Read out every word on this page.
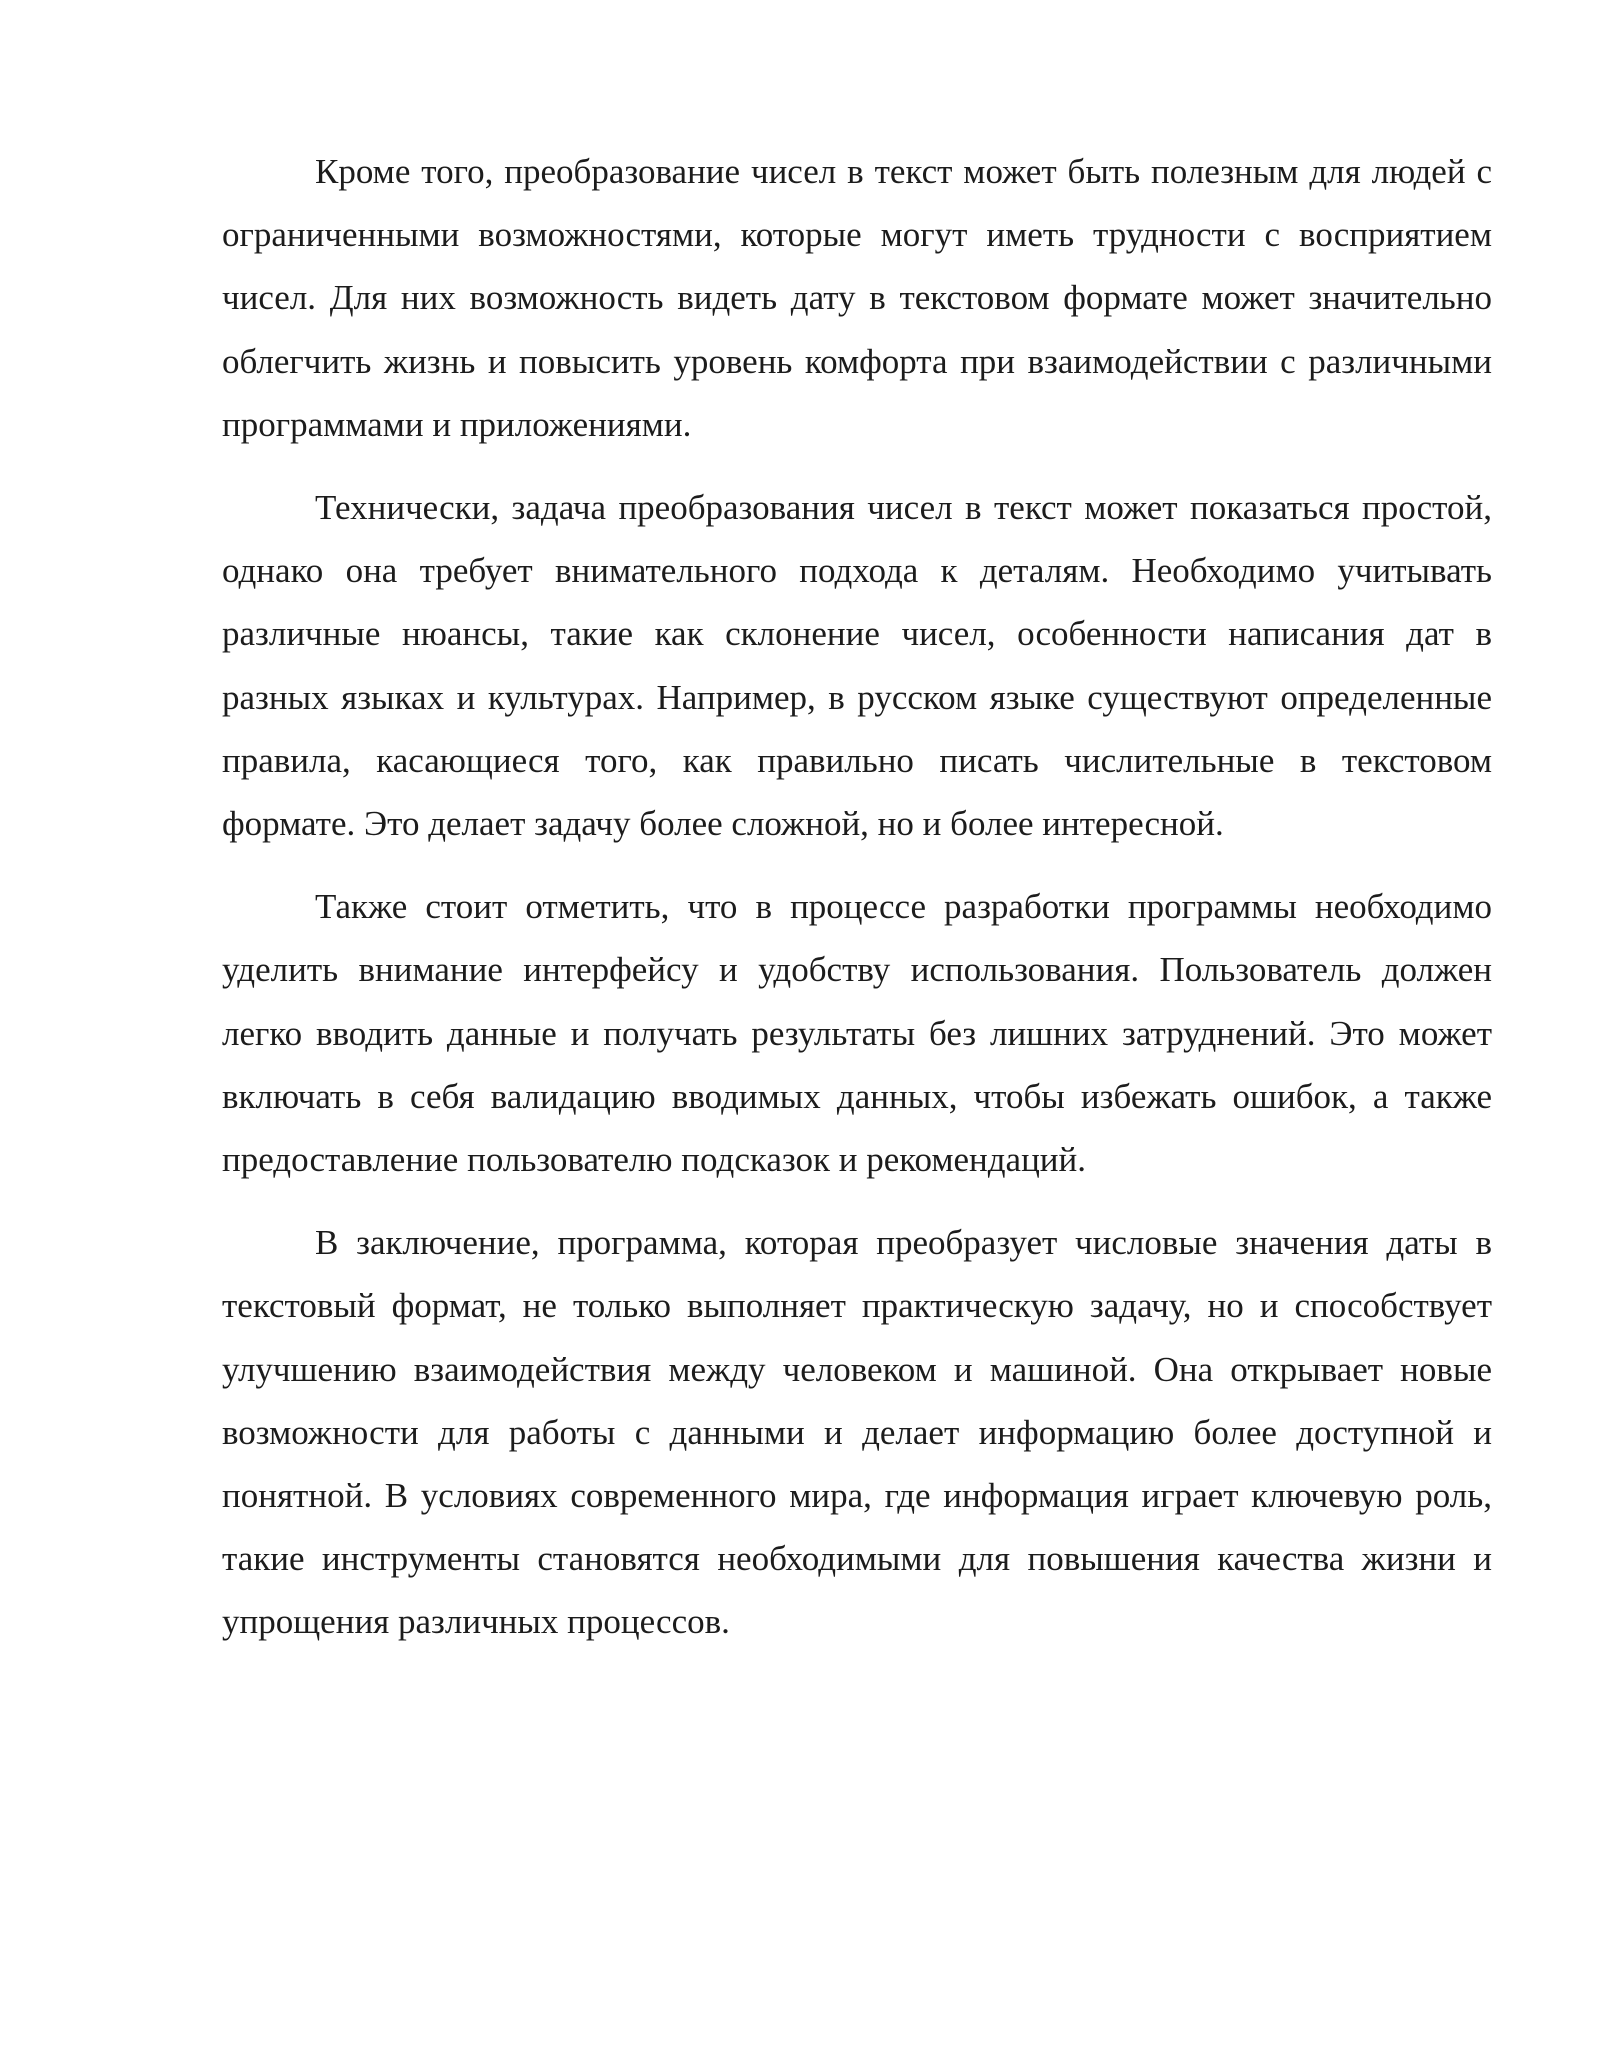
Кроме того, преобразование чисел в текст может быть полезным для людей с ограниченными возможностями, которые могут иметь трудности с восприятием чисел. Для них возможность видеть дату в текстовом формате может значительно облегчить жизнь и повысить уровень комфорта при взаимодействии с различными программами и приложениями.

Технически, задача преобразования чисел в текст может показаться простой, однако она требует внимательного подхода к деталям. Необходимо учитывать различные нюансы, такие как склонение чисел, особенности написания дат в разных языках и культурах. Например, в русском языке существуют определенные правила, касающиеся того, как правильно писать числительные в текстовом формате. Это делает задачу более сложной, но и более интересной.

Также стоит отметить, что в процессе разработки программы необходимо уделить внимание интерфейсу и удобству использования. Пользователь должен легко вводить данные и получать результаты без лишних затруднений. Это может включать в себя валидацию вводимых данных, чтобы избежать ошибок, а также предоставление пользователю подсказок и рекомендаций.

В заключение, программа, которая преобразует числовые значения даты в текстовый формат, не только выполняет практическую задачу, но и способствует улучшению взаимодействия между человеком и машиной. Она открывает новые возможности для работы с данными и делает информацию более доступной и понятной. В условиях современного мира, где информация играет ключевую роль, такие инструменты становятся необходимыми для повышения качества жизни и упрощения различных процессов.
